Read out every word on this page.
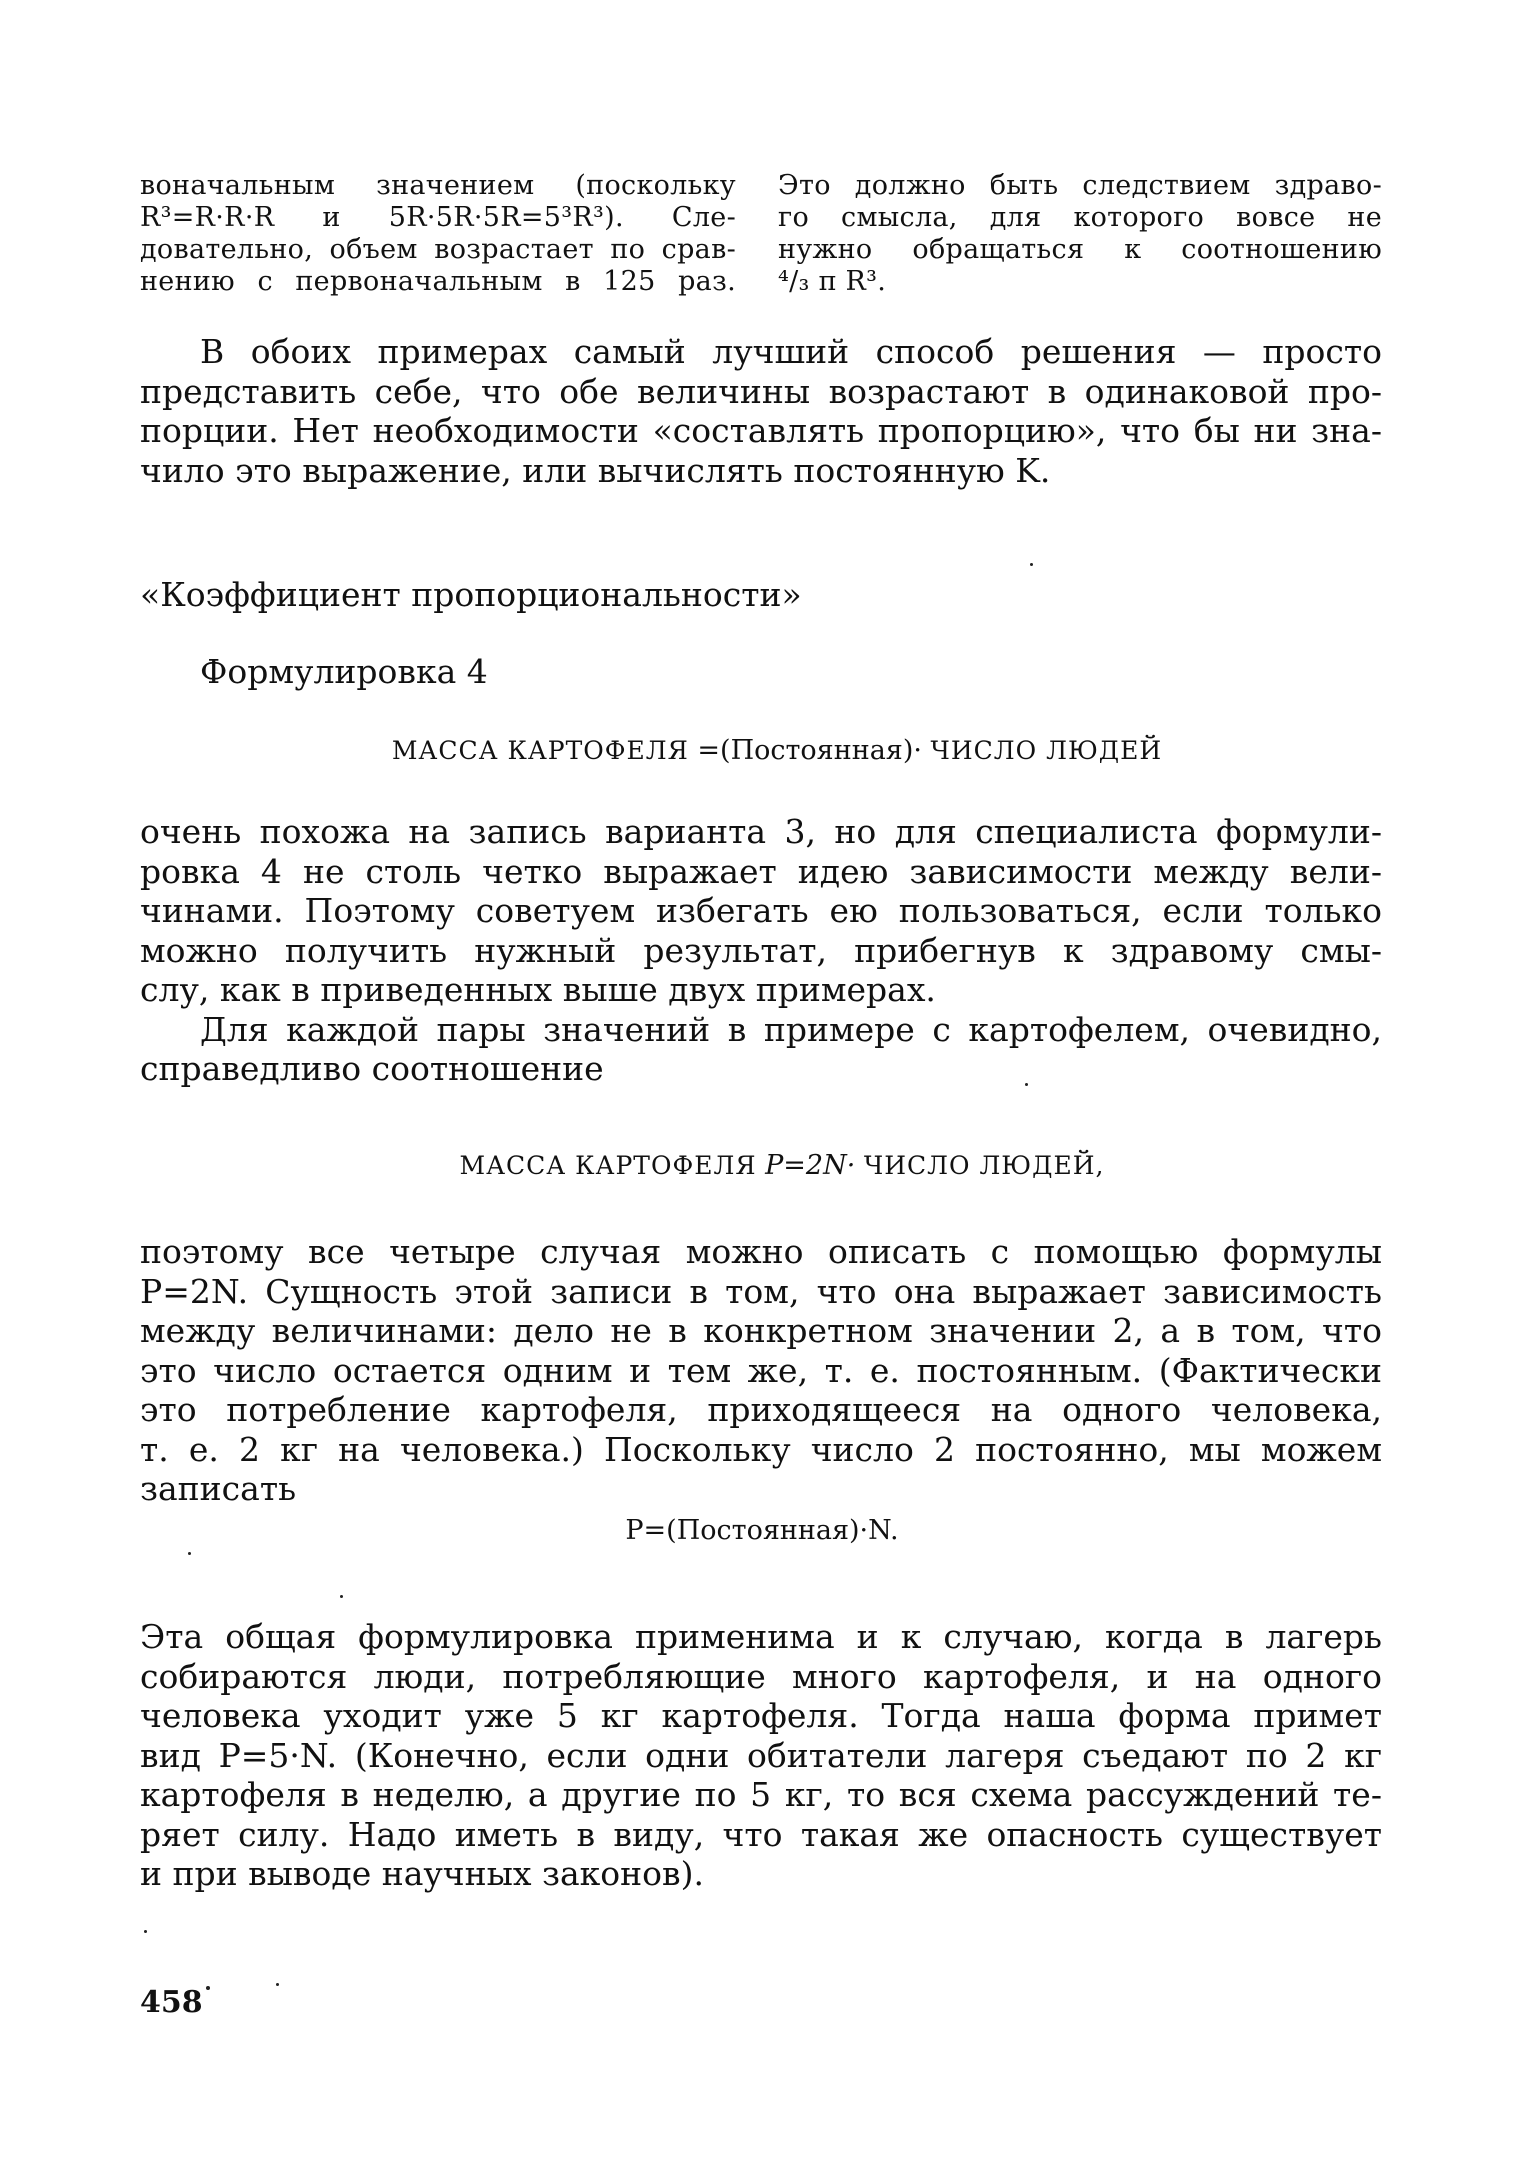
воначальным значением (поскольку
R³=R·R·R и 5R·5R·5R=5³R³). Сле-
довательно, объем возрастает по срав-
нению с первоначальным в 125 раз.
Это должно быть следствием здраво-
го смысла, для которого вовсе не
нужно обращаться к соотношению
⁴/₃ π R³.
В обоих примерах самый лучший способ решения — просто
представить себе, что обе величины возрастают в одинаковой про-
порции. Нет необходимости «составлять пропорцию», что бы ни зна-
чило это выражение, или вычислять постоянную K.
«Коэффициент пропорциональности»
Формулировка 4
МАССА КАРТОФЕЛЯ =(Постоянная)· ЧИСЛО ЛЮДЕЙ
очень похожа на запись варианта 3, но для специалиста формули-
ровка 4 не столь четко выражает идею зависимости между вели-
чинами. Поэтому советуем избегать ею пользоваться, если только
можно получить нужный результат, прибегнув к здравому смы-
слу, как в приведенных выше двух примерах.
Для каждой пары значений в примере с картофелем, очевидно,
справедливо соотношение
МАССА КАРТОФЕЛЯ P=2N· ЧИСЛО ЛЮДЕЙ,
поэтому все четыре случая можно описать с помощью формулы
P=2N. Сущность этой записи в том, что она выражает зависимость
между величинами: дело не в конкретном значении 2, а в том, что
это число остается одним и тем же, т. е. постоянным. (Фактически
это потребление картофеля, приходящееся на одного человека,
т. е. 2 кг на человека.) Поскольку число 2 постоянно, мы можем
записать
P=(Постоянная)·N.
Эта общая формулировка применима и к случаю, когда в лагерь
собираются люди, потребляющие много картофеля, и на одного
человека уходит уже 5 кг картофеля. Тогда наша форма примет
вид P=5·N. (Конечно, если одни обитатели лагеря съедают по 2 кг
картофеля в неделю, а другие по 5 кг, то вся схема рассуждений те-
ряет силу. Надо иметь в виду, что такая же опасность существует
и при выводе научных законов).
458
